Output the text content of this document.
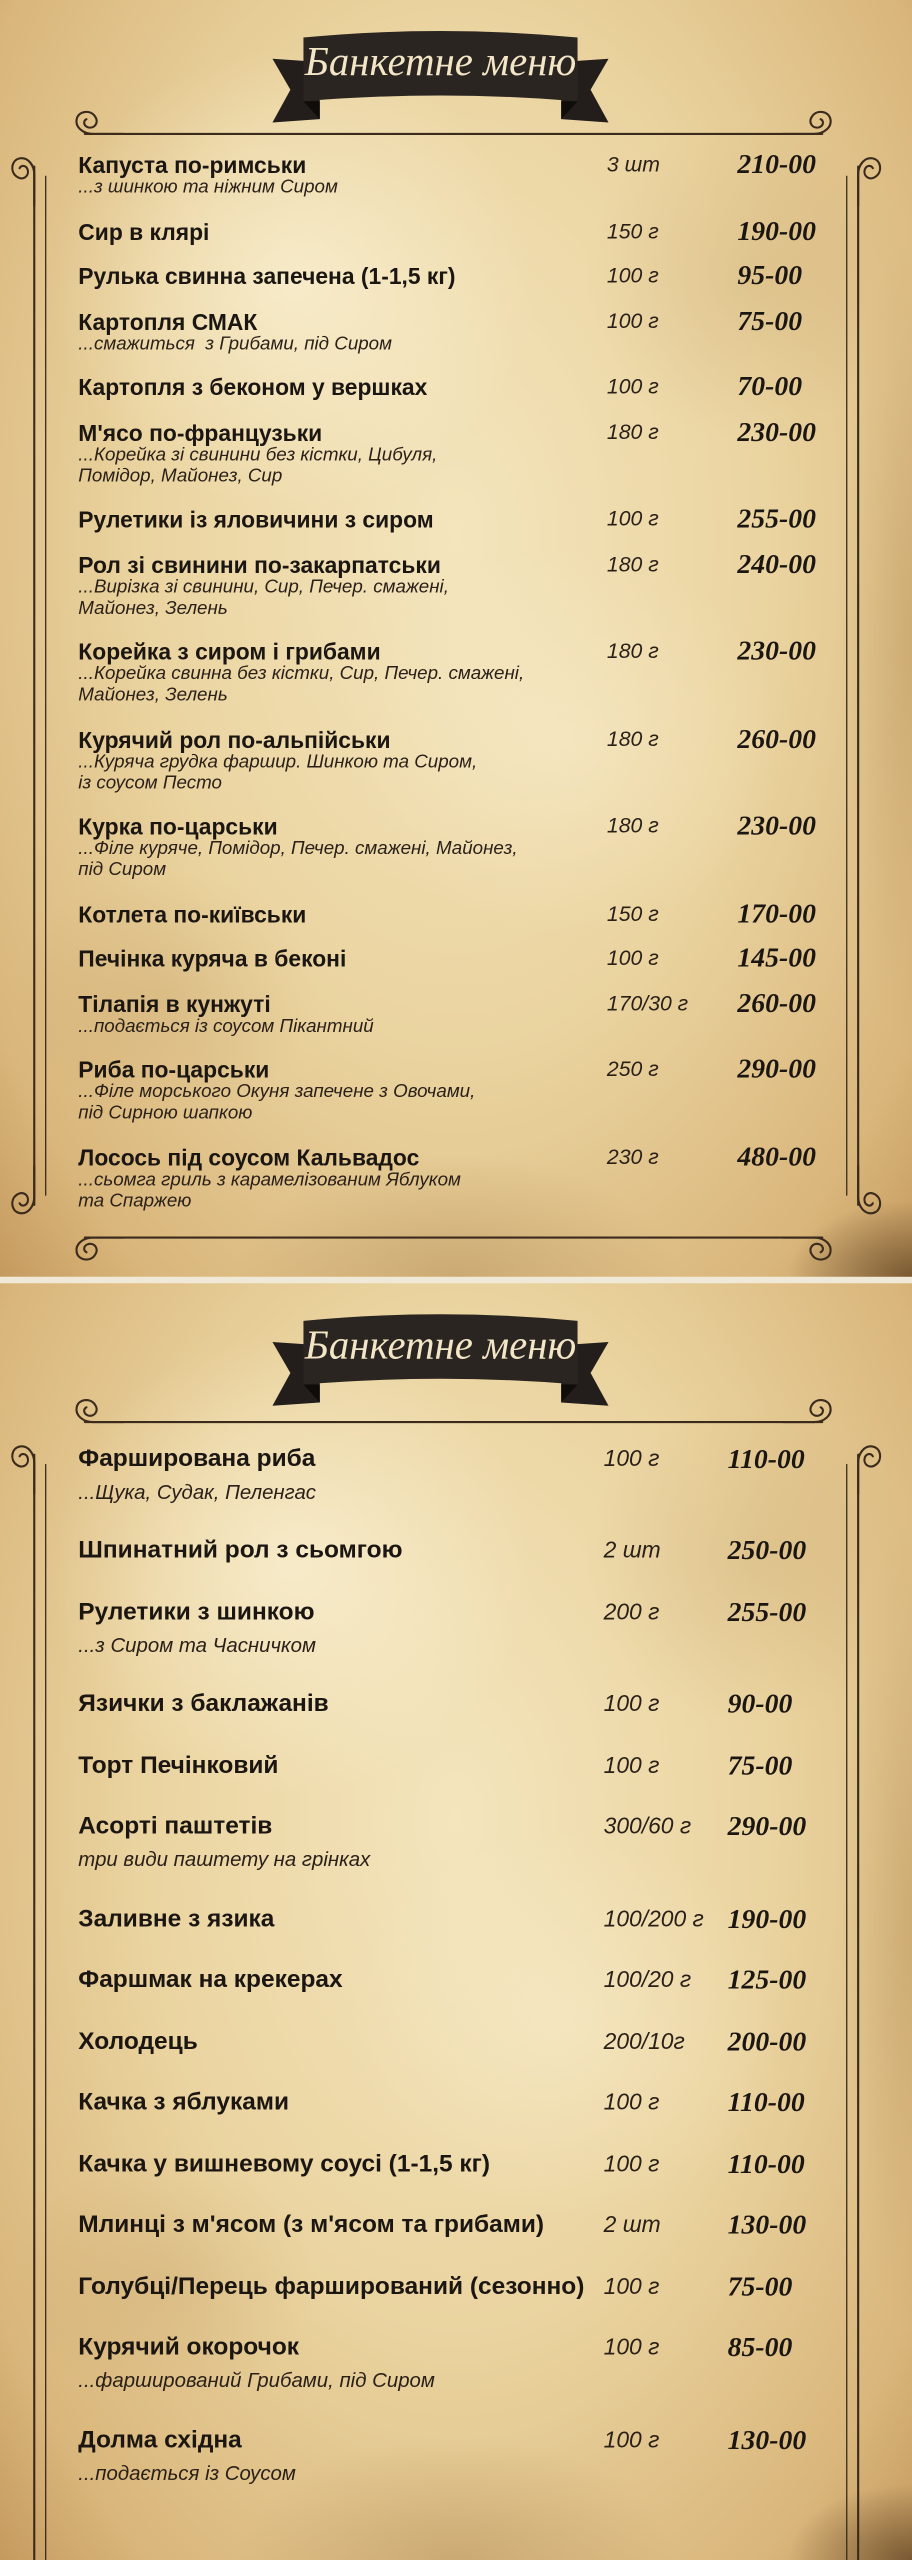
Банкетне меню
Капуста по-римськи
...з шинкою та ніжним Сиром
3 шт	210-00
Сир в клярі	150 г	190-00
Рулька свинна запечена (1-1,5 кг)	100 г	95-00
Картопля СМАК
...смажиться  з Грибами, під Сиром
100 г	75-00
Картопля з беконом у вершках	100 г	70-00
М'ясо по-французьки
...Корейка зі свинини без кістки, Цибуля,
Помідор, Майонез, Сир
180 г	230-00
Рулетики із яловичини з сиром	100 г	255-00
Рол зі свинини по-закарпатськи
...Вирізка зі свинини, Сир, Печер. смажені,
Майонез, Зелень
180 г	240-00
Корейка з сиром і грибами
...Корейка свинна без кістки, Сир, Печер. смажені,
Майонез, Зелень
180 г	230-00
Курячий рол по-альпійськи
...Куряча грудка фаршир. Шинкою та Сиром,
із соусом Песто
180 г	260-00
Курка по-царськи
...Філе куряче, Помідор, Печер. смажені, Майонез,
під Сиром
180 г	230-00
Котлета по-київськи	150 г	170-00
Печінка куряча в беконі	100 г	145-00
Тілапія в кунжуті
...подається із соусом Пікантний
170/30 г	260-00
Риба по-царськи
...Філе морського Окуня запечене з Овочами,
під Сирною шапкою
250 г	290-00
Лосось під соусом Кальвадос
...сьомга гриль з карамелізованим Яблуком
та Спаржею
230 г	480-00
Банкетне меню
Фарширована риба
...Щука, Судак, Пеленгас
100 г	110-00
Шпинатний рол з сьомгою	2 шт	250-00
Рулетики з шинкою
...з Сиром та Часничком
200 г	255-00
Язички з баклажанів	100 г	90-00
Торт Печінковий	100 г	75-00
Асорті паштетів
три види паштету на грінках
300/60 г 290-00
Заливне з язика	100/200 г 190-00
Фаршмак на крекерах	100/20 г 125-00
Холодець	200/10г	200-00
Качка з яблуками	100 г	110-00
Качка у вишневому соусі (1-1,5 кг)	100 г	110-00
Млинці з м'ясом (з м'ясом та грибами)	2 шт	130-00
Голубці/Перець фарширований (сезонно)	100 г	75-00
Курячий окорочок
...фарширований Грибами, під Сиром
100 г	85-00
Долма східна
...подається із Соусом
100 г	130-00
